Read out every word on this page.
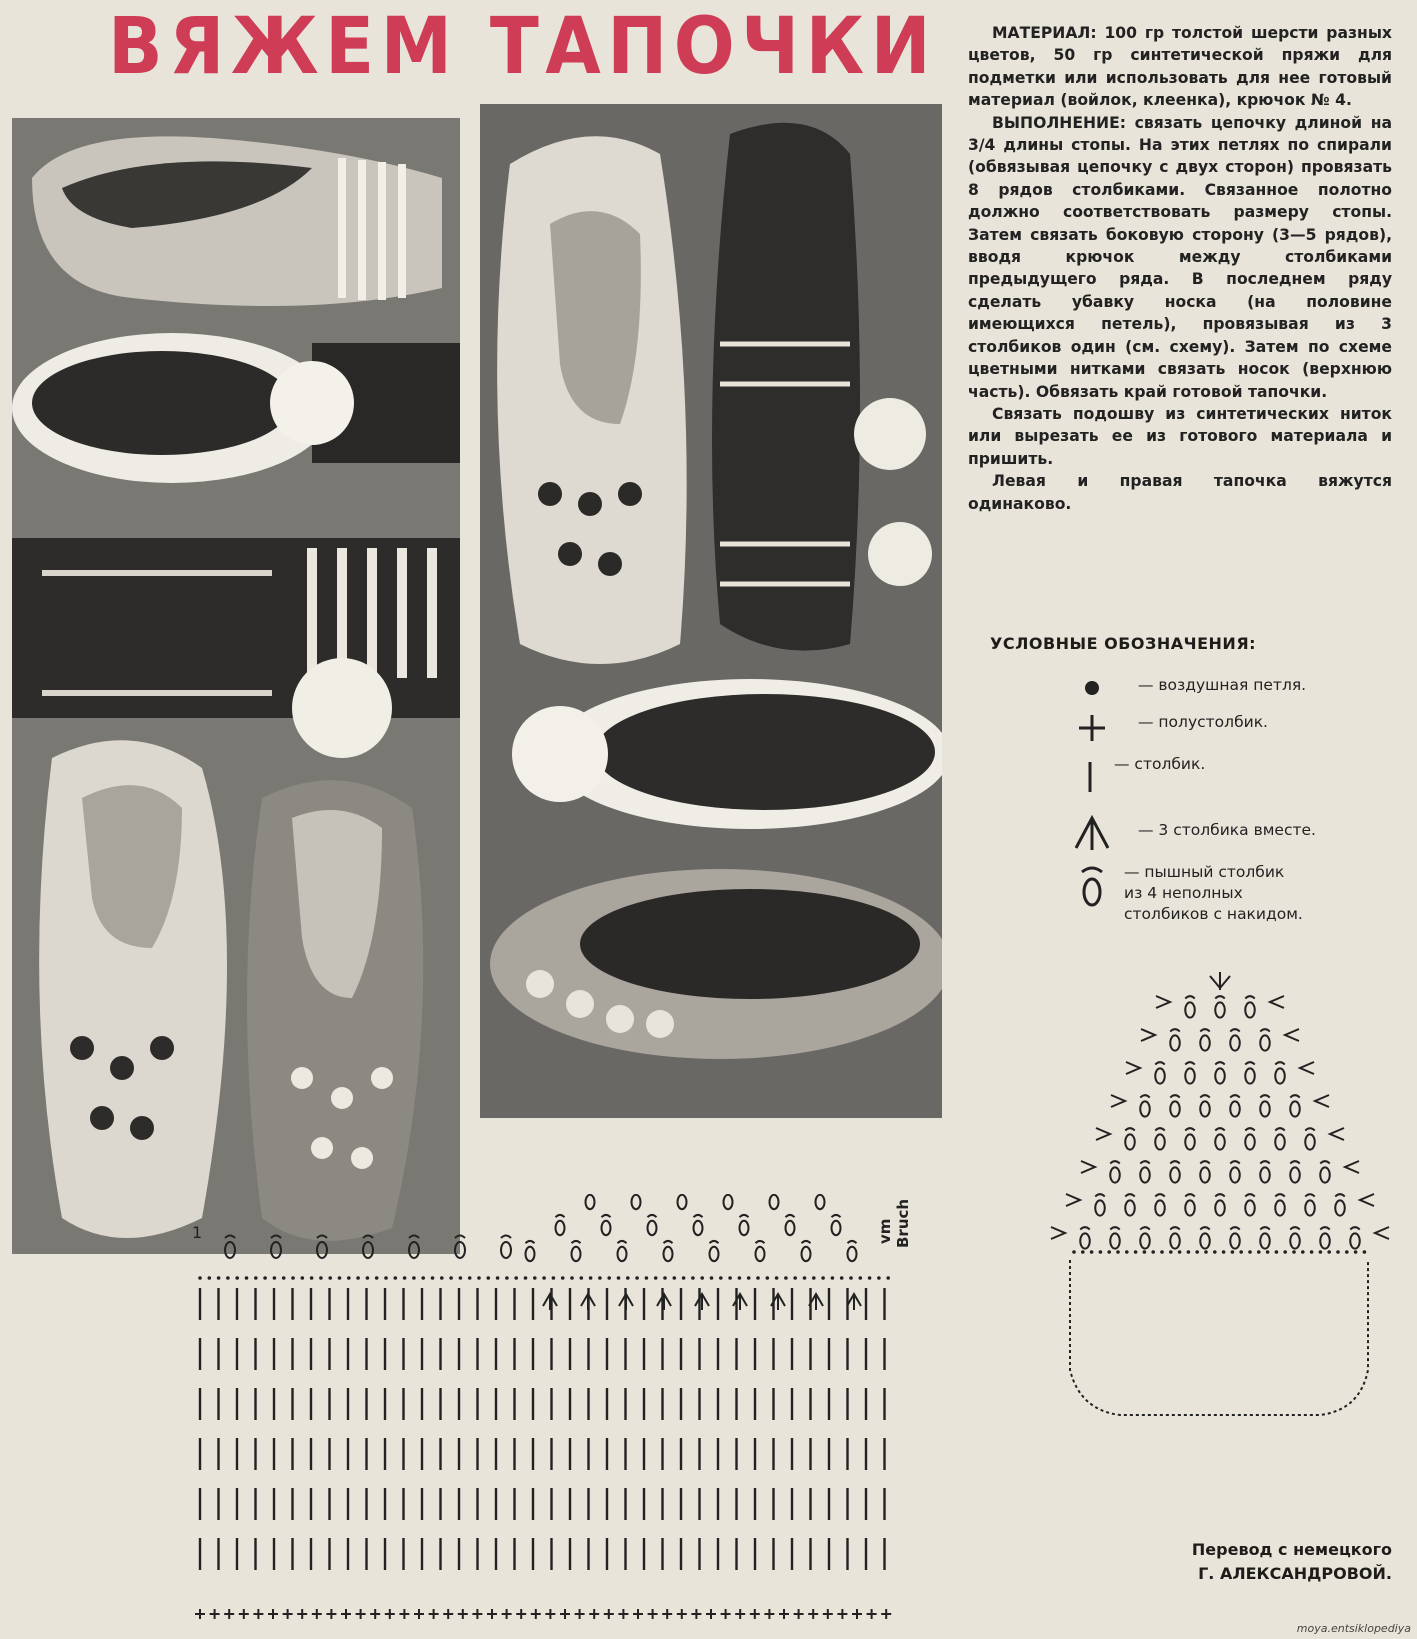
ВЯЖЕМ ТАПОЧКИ	МАТЕРИАЛ: 100 гр толстой шерсти разных цветов, 50 гр синтетической пряжи для подметки или использовать для нее готовый материал (войлок, клеенка), крючок № 4.

ВЫПОЛНЕНИЕ: связать цепочку длиной на 3/4 длины стопы. На этих петлях по спирали (обвязывая цепочку с двух сторон) провязать 8 рядов столбиками. Связанное полотно должно соответствовать размеру стопы. Затем связать боковую сторону (3—5 рядов), вводя крючок между столбиками предыдущего ряда. В последнем ряду сделать убавку носка (на половине имеющихся петель), провязывая из 3 столбиков один (см. схему). Затем по схеме цветными нитками связать носок (верхнюю часть). Обвязать край готовой тапочки.

Связать подошву из синтетических ниток или вырезать ее из готового материала и пришить.

Левая и правая тапочка вяжутся одинаково.

УСЛОВНЫЕ ОБОЗНАЧЕНИЯ:
— воздушная петля.
— полустолбик.
— столбик.
— 3 столбика вместе.
— пышный столбик
из 4 неполных
столбиков с накидом.
1	vm Bruch
Перевод с немецкого
Г. АЛЕКСАНДРОВОЙ.
moya.entsiklopediya
